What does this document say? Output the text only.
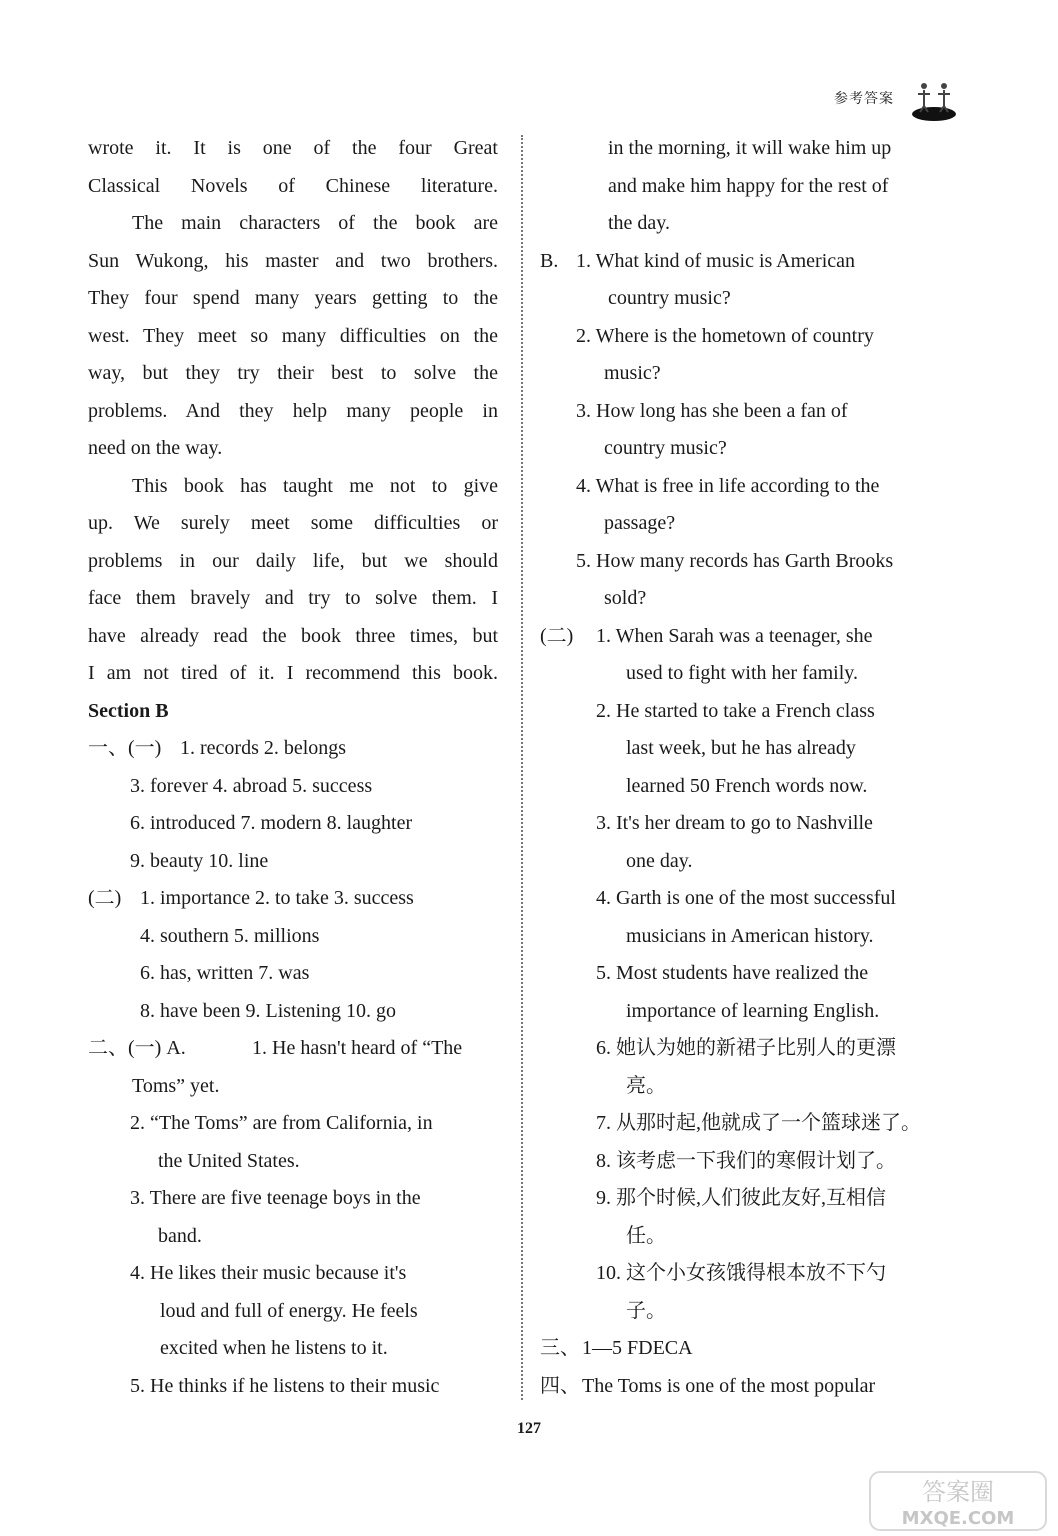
参考答案
wrote it. It is one of the four Great
Classical Novels of Chinese literature.
The main characters of the book are
Sun Wukong, his master and two brothers.
They four spend many years getting to the
west. They meet so many difficulties on the
way, but they try their best to solve the
problems. And they help many people in
need on the way.
This book has taught me not to give
up. We surely meet some difficulties or
problems in our daily life, but we should
face them bravely and try to solve them. I
have already read the book three times, but
I am not tired of it. I recommend this book.
Section B
一、(一) 1. records 2. belongs
3. forever 4. abroad 5. success
6. introduced 7. modern 8. laughter
9. beauty 10. line
(二) 1. importance 2. to take 3. success
4. southern 5. millions
6. has, written 7. was
8. have been 9. Listening 10. go
二、(一) A.	1. He hasn't heard of “The
Toms” yet.
2. “The Toms” are from California, in
the United States.
3. There are five teenage boys in the
band.
4. He likes their music because it's
loud and full of energy. He feels
excited when he listens to it.
5. He thinks if he listens to their music
in the morning, it will wake him up
and make him happy for the rest of
the day.
B. 1. What kind of music is American
country music?
2. Where is the hometown of country
music?
3. How long has she been a fan of
country music?
4. What is free in life according to the
passage?
5. How many records has Garth Brooks
sold?
(二) 1. When Sarah was a teenager, she
used to fight with her family.
2. He started to take a French class
last week, but he has already
learned 50 French words now.
3. It's her dream to go to Nashville
one day.
4. Garth is one of the most successful
musicians in American history.
5. Most students have realized the
importance of learning English.
6. 她认为她的新裙子比别人的更漂
亮。
7. 从那时起,他就成了一个篮球迷了。
8. 该考虑一下我们的寒假计划了。
9. 那个时候,人们彼此友好,互相信
任。
10. 这个小女孩饿得根本放不下勺
子。
三、 1—5 FDECA
四、 The Toms is one of the most popular
127
答案圈
MXQE.COM
